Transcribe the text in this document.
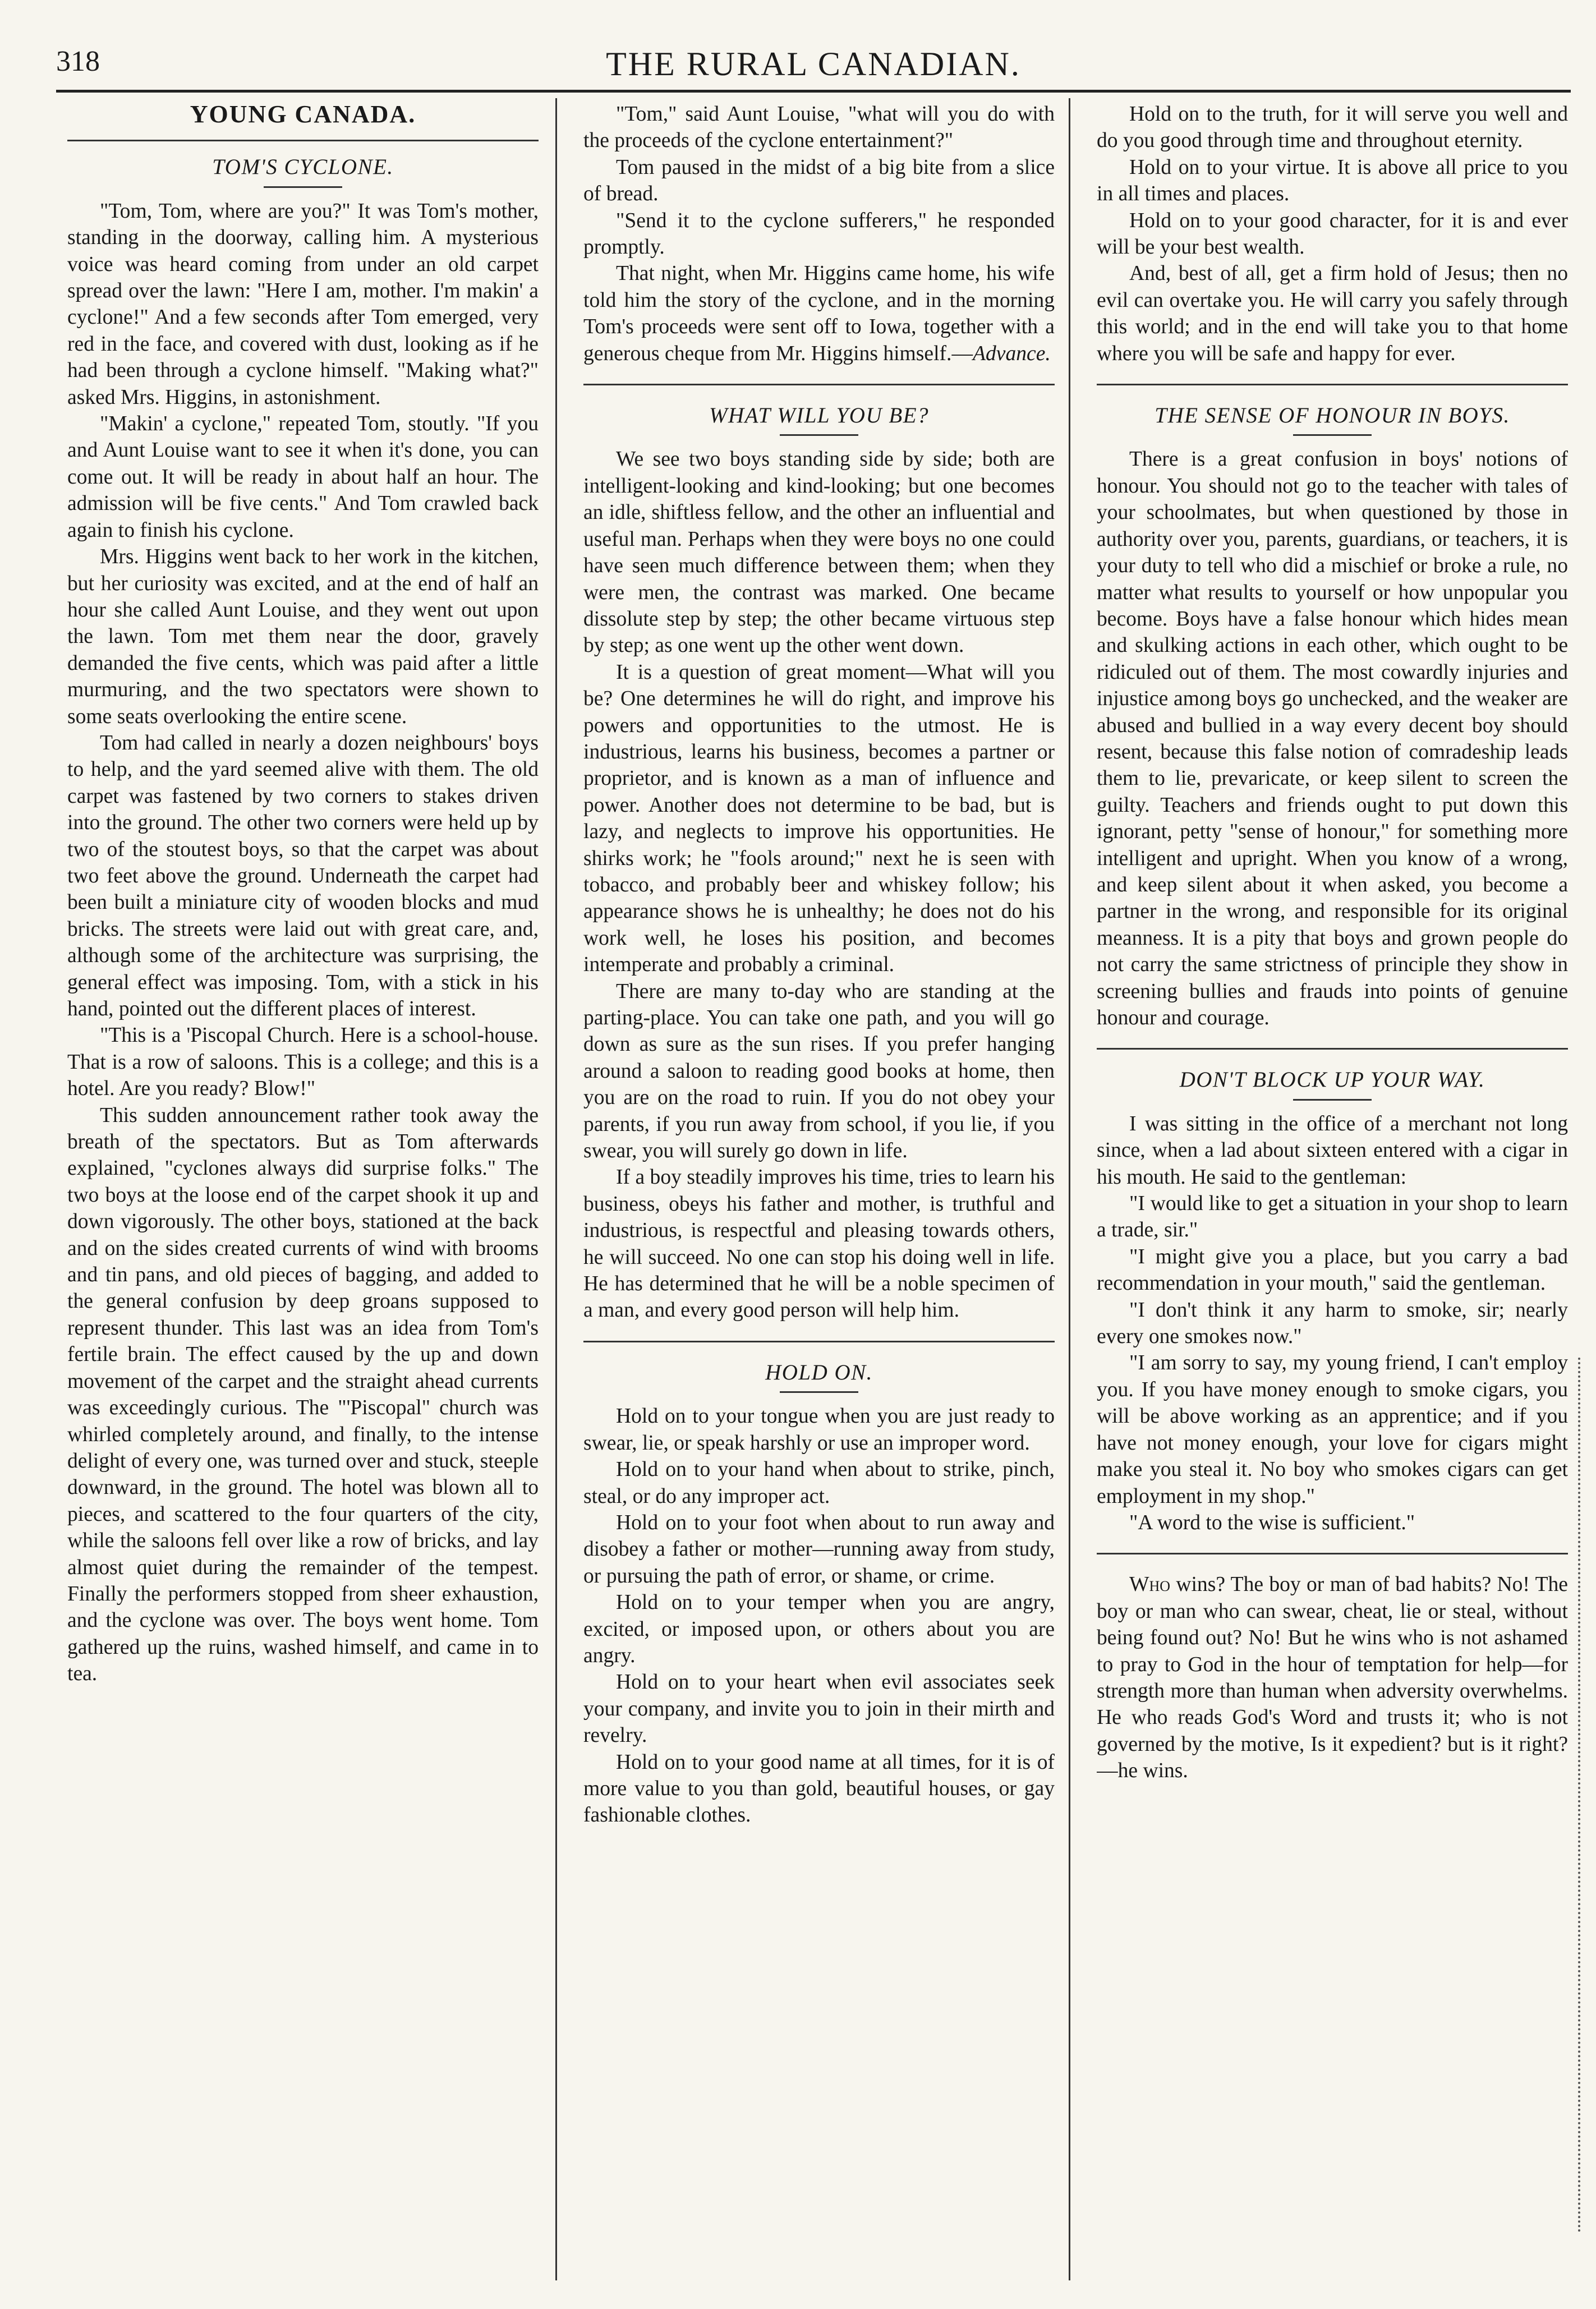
318	THE RURAL CANADIAN.
YOUNG CANADA.
TOM'S CYCLONE.

"Tom, Tom, where are you?" It was Tom's mother, standing in the doorway, calling him. A mysterious voice was heard coming from under an old carpet spread over the lawn: "Here I am, mother. I'm makin' a cyclone!" And a few seconds after Tom emerged, very red in the face, and covered with dust, looking as if he had been through a cyclone himself. "Making what?" asked Mrs. Higgins, in astonishment.

"Makin' a cyclone," repeated Tom, stoutly. "If you and Aunt Louise want to see it when it's done, you can come out. It will be ready in about half an hour. The admission will be five cents." And Tom crawled back again to finish his cyclone.

Mrs. Higgins went back to her work in the kitchen, but her curiosity was excited, and at the end of half an hour she called Aunt Louise, and they went out upon the lawn. Tom met them near the door, gravely demanded the five cents, which was paid after a little murmuring, and the two spectators were shown to some seats overlooking the entire scene.

Tom had called in nearly a dozen neighbours' boys to help, and the yard seemed alive with them. The old carpet was fastened by two corners to stakes driven into the ground. The other two corners were held up by two of the stoutest boys, so that the carpet was about two feet above the ground. Underneath the carpet had been built a miniature city of wooden blocks and mud bricks. The streets were laid out with great care, and, although some of the architecture was surprising, the general effect was imposing. Tom, with a stick in his hand, pointed out the different places of interest.

"This is a 'Piscopal Church. Here is a school-house. That is a row of saloons. This is a college; and this is a hotel. Are you ready? Blow!"

This sudden announcement rather took away the breath of the spectators. But as Tom afterwards explained, "cyclones always did surprise folks." The two boys at the loose end of the carpet shook it up and down vigorously. The other boys, stationed at the back and on the sides created currents of wind with brooms and tin pans, and old pieces of bagging, and added to the general confusion by deep groans supposed to represent thunder. This last was an idea from Tom's fertile brain. The effect caused by the up and down movement of the carpet and the straight ahead currents was exceedingly curious. The "'Piscopal" church was whirled completely around, and finally, to the intense delight of every one, was turned over and stuck, steeple downward, in the ground. The hotel was blown all to pieces, and scattered to the four quarters of the city, while the saloons fell over like a row of bricks, and lay almost quiet during the remainder of the tempest. Finally the performers stopped from sheer exhaustion, and the cyclone was over. The boys went home. Tom gathered up the ruins, washed himself, and came in to tea.

"Tom," said Aunt Louise, "what will you do with the proceeds of the cyclone entertainment?"

Tom paused in the midst of a big bite from a slice of bread.

"Send it to the cyclone sufferers," he responded promptly.

That night, when Mr. Higgins came home, his wife told him the story of the cyclone, and in the morning Tom's proceeds were sent off to Iowa, together with a generous cheque from Mr. Higgins himself.—Advance.

WHAT WILL YOU BE?

We see two boys standing side by side; both are intelligent-looking and kind-looking; but one becomes an idle, shiftless fellow, and the other an influential and useful man. Perhaps when they were boys no one could have seen much difference between them; when they were men, the contrast was marked. One became dissolute step by step; the other became virtuous step by step; as one went up the other went down.

It is a question of great moment—What will you be? One determines he will do right, and improve his powers and opportunities to the utmost. He is industrious, learns his business, becomes a partner or proprietor, and is known as a man of influence and power. Another does not determine to be bad, but is lazy, and neglects to improve his opportunities. He shirks work; he "fools around;" next he is seen with tobacco, and probably beer and whiskey follow; his appearance shows he is unhealthy; he does not do his work well, he loses his position, and becomes intemperate and probably a criminal.

There are many to-day who are standing at the parting-place. You can take one path, and you will go down as sure as the sun rises. If you prefer hanging around a saloon to reading good books at home, then you are on the road to ruin. If you do not obey your parents, if you run away from school, if you lie, if you swear, you will surely go down in life.

If a boy steadily improves his time, tries to learn his business, obeys his father and mother, is truthful and industrious, is respectful and pleasing towards others, he will succeed. No one can stop his doing well in life. He has determined that he will be a noble specimen of a man, and every good person will help him.

HOLD ON.

Hold on to your tongue when you are just ready to swear, lie, or speak harshly or use an improper word.

Hold on to your hand when about to strike, pinch, steal, or do any improper act.

Hold on to your foot when about to run away and disobey a father or mother—running away from study, or pursuing the path of error, or shame, or crime.

Hold on to your temper when you are angry, excited, or imposed upon, or others about you are angry.

Hold on to your heart when evil associates seek your company, and invite you to join in their mirth and revelry.

Hold on to your good name at all times, for it is of more value to you than gold, beautiful houses, or gay fashionable clothes.

Hold on to the truth, for it will serve you well and do you good through time and throughout eternity.

Hold on to your virtue. It is above all price to you in all times and places.

Hold on to your good character, for it is and ever will be your best wealth.

And, best of all, get a firm hold of Jesus; then no evil can overtake you. He will carry you safely through this world; and in the end will take you to that home where you will be safe and happy for ever.

THE SENSE OF HONOUR IN BOYS.

There is a great confusion in boys' notions of honour. You should not go to the teacher with tales of your schoolmates, but when questioned by those in authority over you, parents, guardians, or teachers, it is your duty to tell who did a mischief or broke a rule, no matter what results to yourself or how unpopular you become. Boys have a false honour which hides mean and skulking actions in each other, which ought to be ridiculed out of them. The most cowardly injuries and injustice among boys go unchecked, and the weaker are abused and bullied in a way every decent boy should resent, because this false notion of comradeship leads them to lie, prevaricate, or keep silent to screen the guilty. Teachers and friends ought to put down this ignorant, petty "sense of honour," for something more intelligent and upright. When you know of a wrong, and keep silent about it when asked, you become a partner in the wrong, and responsible for its original meanness. It is a pity that boys and grown people do not carry the same strictness of principle they show in screening bullies and frauds into points of genuine honour and courage.

DON'T BLOCK UP YOUR WAY.

I was sitting in the office of a merchant not long since, when a lad about sixteen entered with a cigar in his mouth. He said to the gentleman:

"I would like to get a situation in your shop to learn a trade, sir."

"I might give you a place, but you carry a bad recommendation in your mouth," said the gentleman.

"I don't think it any harm to smoke, sir; nearly every one smokes now."

"I am sorry to say, my young friend, I can't employ you. If you have money enough to smoke cigars, you will be above working as an apprentice; and if you have not money enough, your love for cigars might make you steal it. No boy who smokes cigars can get employment in my shop."

"A word to the wise is sufficient."

Who wins? The boy or man of bad habits? No! The boy or man who can swear, cheat, lie or steal, without being found out? No! But he wins who is not ashamed to pray to God in the hour of temptation for help—for strength more than human when adversity overwhelms. He who reads God's Word and trusts it; who is not governed by the motive, Is it expedient? but is it right?—he wins.
